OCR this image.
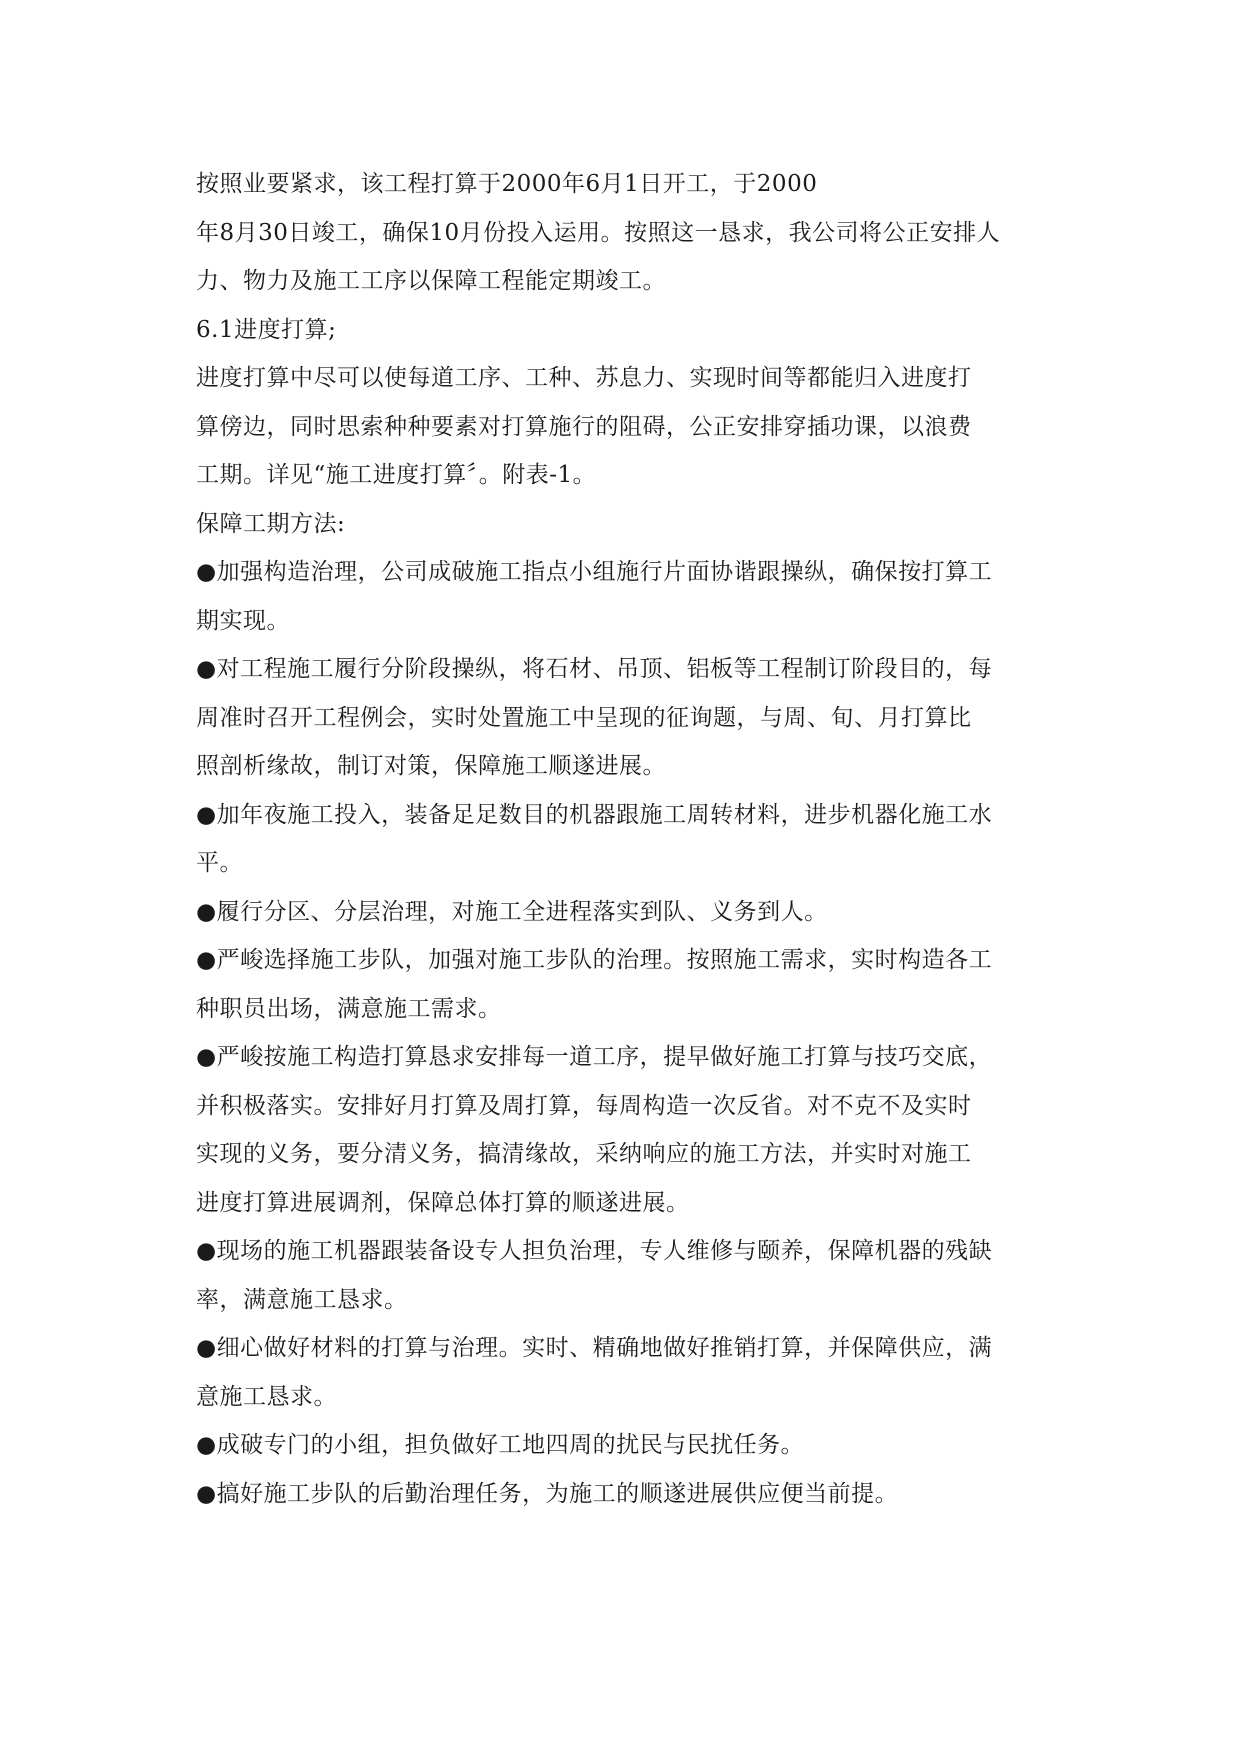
按照业要紧求，该工程打算于2000年6月1日开工，于2000
年8月30日竣工，确保10月份投入运用。按照这一恳求，我公司将公正安排人
力、物力及施工工序以保障工程能定期竣工。
6.1进度打算;
进度打算中尽可以使每道工序、工种、苏息力、实现时间等都能归入进度打
算傍边，同时思索种种要素对打算施行的阻碍，公正安排穿插功课，以浪费
工期。详见“施工进度打算〞。附表-1。
保障工期方法:
●加强构造治理，公司成破施工指点小组施行片面协谐跟操纵，确保按打算工
期实现。
●对工程施工履行分阶段操纵，将石材、吊顶、铝板等工程制订阶段目的，每
周准时召开工程例会，实时处置施工中呈现的征询题，与周、旬、月打算比
照剖析缘故，制订对策，保障施工顺遂进展。
●加年夜施工投入，装备足足数目的机器跟施工周转材料，进步机器化施工水
平。
●履行分区、分层治理，对施工全进程落实到队、义务到人。
●严峻选择施工步队，加强对施工步队的治理。按照施工需求，实时构造各工
种职员出场，满意施工需求。
●严峻按施工构造打算恳求安排每一道工序，提早做好施工打算与技巧交底，
并积极落实。安排好月打算及周打算，每周构造一次反省。对不克不及实时
实现的义务，要分清义务，搞清缘故，采纳响应的施工方法，并实时对施工
进度打算进展调剂，保障总体打算的顺遂进展。
●现场的施工机器跟装备设专人担负治理，专人维修与颐养，保障机器的残缺
率，满意施工恳求。
●细心做好材料的打算与治理。实时、精确地做好推销打算，并保障供应，满
意施工恳求。
●成破专门的小组，担负做好工地四周的扰民与民扰任务。
●搞好施工步队的后勤治理任务，为施工的顺遂进展供应便当前提。
